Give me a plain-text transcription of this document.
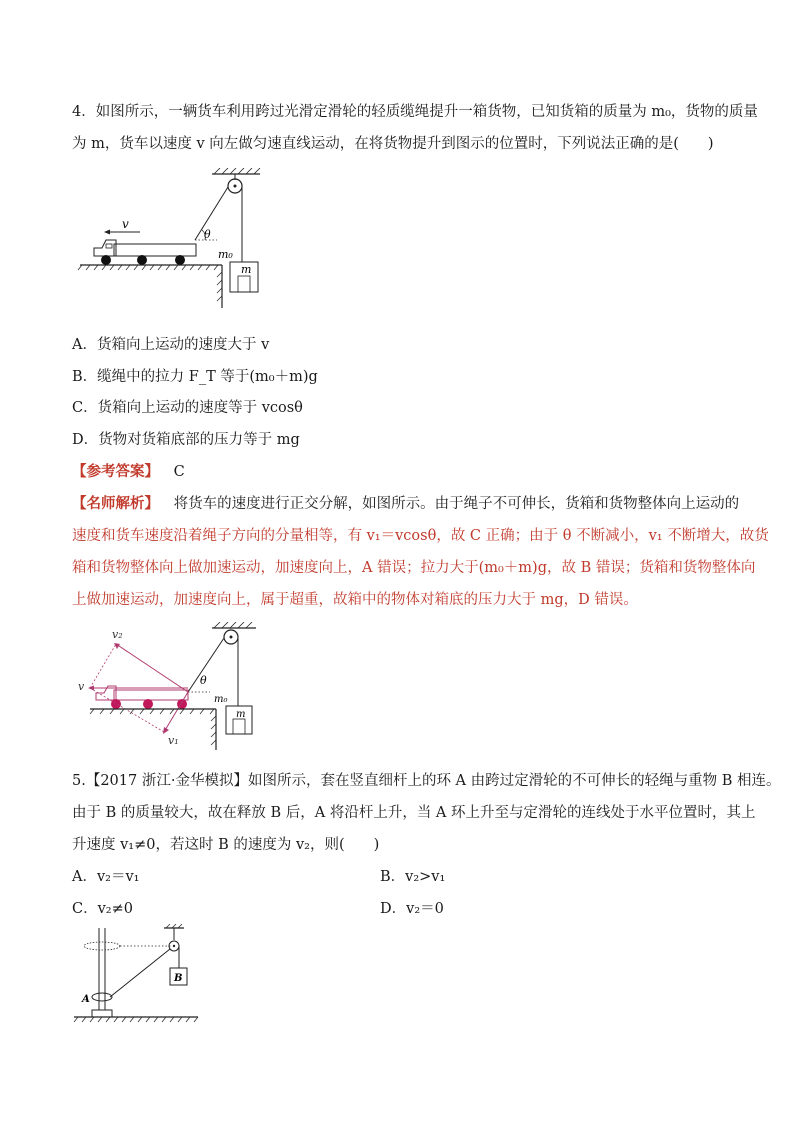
4．如图所示，一辆货车利用跨过光滑定滑轮的轻质缆绳提升一箱货物，已知货箱的质量为 m₀，货物的质量
为 m，货车以速度 v 向左做匀速直线运动，在将货物提升到图示的位置时，下列说法正确的是(　　)
θ
v
m
m₀
A．货箱向上运动的速度大于 v
B．缆绳中的拉力 F_T 等于(m₀＋m)g
C．货箱向上运动的速度等于 vcosθ
D．货物对货箱底部的压力等于 mg
【参考答案】 C
【名师解析】 将货车的速度进行正交分解，如图所示。由于绳子不可伸长，货箱和货物整体向上运动的
速度和货车速度沿着绳子方向的分量相等，有 v₁＝vcosθ，故 C 正确；由于 θ 不断减小，v₁ 不断增大，故货
箱和货物整体向上做加速运动，加速度向上，A 错误；拉力大于(m₀＋m)g，故 B 错误；货箱和货物整体向
上做加速运动，加速度向上，属于超重，故箱中的物体对箱底的压力大于 mg，D 错误。
θ
v
v₂
v₁
m
m₀
5.【2017 浙江·金华模拟】如图所示，套在竖直细杆上的环 A 由跨过定滑轮的不可伸长的轻绳与重物 B 相连。
由于 B 的质量较大，故在释放 B 后，A 将沿杆上升，当 A 环上升至与定滑轮的连线处于水平位置时，其上
升速度 v₁≠0，若这时 B 的速度为 v₂，则(　　)
A．v₂＝v₁	B．v₂>v₁
C．v₂≠0	D．v₂＝0
A
B
